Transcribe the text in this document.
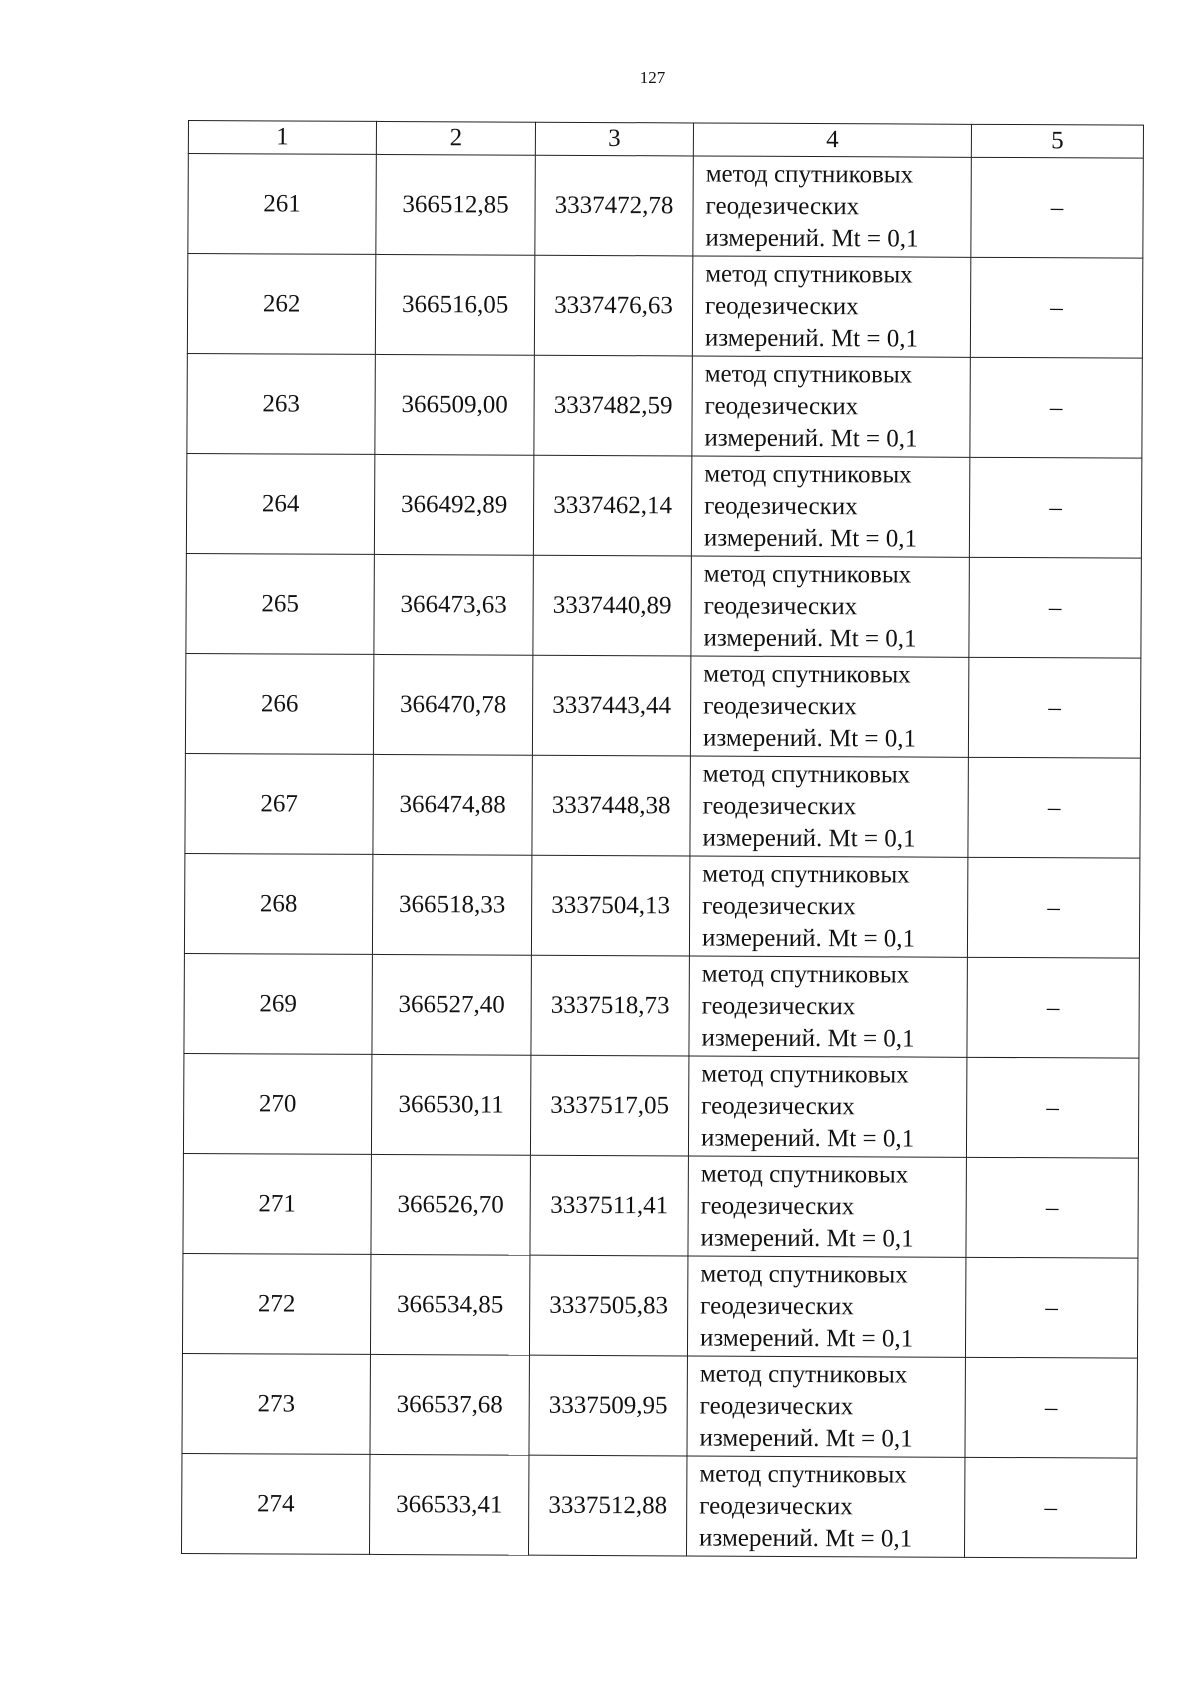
127
1	2	3	4	5
261	366512,85	3337472,78	метод спутниковых
геодезических
измерений. Mt = 0,1	–
262	366516,05	3337476,63	метод спутниковых
геодезических
измерений. Mt = 0,1	–
263	366509,00	3337482,59	метод спутниковых
геодезических
измерений. Mt = 0,1	–
264	366492,89	3337462,14	метод спутниковых
геодезических
измерений. Mt = 0,1	–
265	366473,63	3337440,89	метод спутниковых
геодезических
измерений. Mt = 0,1	–
266	366470,78	3337443,44	метод спутниковых
геодезических
измерений. Mt = 0,1	–
267	366474,88	3337448,38	метод спутниковых
геодезических
измерений. Mt = 0,1	–
268	366518,33	3337504,13	метод спутниковых
геодезических
измерений. Mt = 0,1	–
269	366527,40	3337518,73	метод спутниковых
геодезических
измерений. Mt = 0,1	–
270	366530,11	3337517,05	метод спутниковых
геодезических
измерений. Mt = 0,1	–
271	366526,70	3337511,41	метод спутниковых
геодезических
измерений. Mt = 0,1	–
272	366534,85	3337505,83	метод спутниковых
геодезических
измерений. Mt = 0,1	–
273	366537,68	3337509,95	метод спутниковых
геодезических
измерений. Mt = 0,1	–
274	366533,41	3337512,88	метод спутниковых
геодезических
измерений. Mt = 0,1	–
